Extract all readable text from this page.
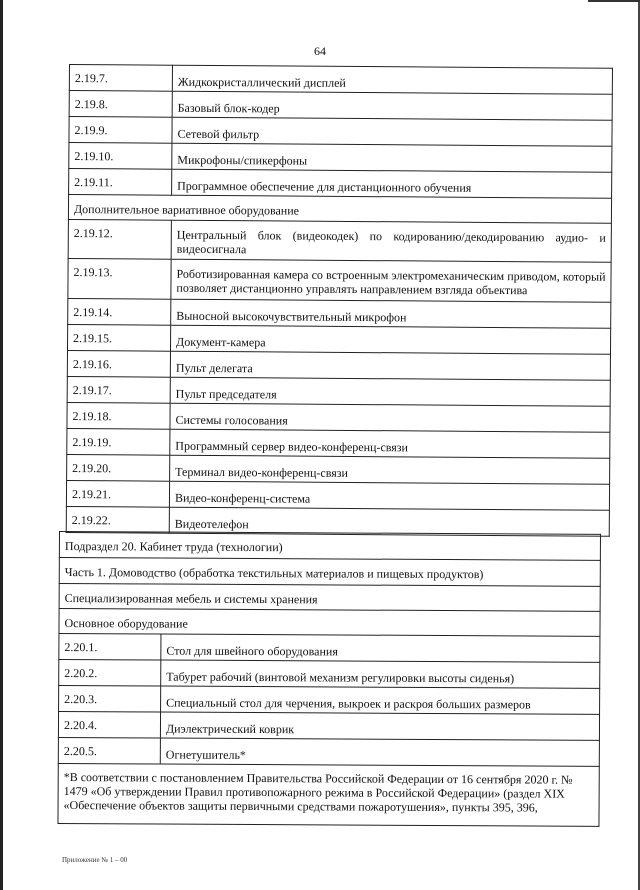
64
2.19.7.	Жидкокристаллический дисплей
2.19.8.	Базовый блок-кодер
2.19.9.	Сетевой фильтр
2.19.10.	Микрофоны/спикерфоны
2.19.11.	Программное обеспечение для дистанционного обучения
Дополнительное вариативное оборудование	
2.19.12.	Центральный блок (видеокодек) по кодированию/декодированию аудио- и видеосигнала
2.19.13.	Роботизированная камера со встроенным электромеханическим приводом, который позволяет дистанционно управлять направлением взгляда объектива
2.19.14.	Выносной высокочувствительный микрофон
2.19.15.	Документ-камера
2.19.16.	Пульт делегата
2.19.17.	Пульт председателя
2.19.18.	Системы голосования
2.19.19.	Программный сервер видео-конференц-связи
2.19.20.	Терминал видео-конференц-связи
2.19.21.	Видео-конференц-система
2.19.22.	Видеотелефон
Подраздел 20. Кабинет труда (технологии)	
Часть 1. Домоводство (обработка текстильных материалов и пищевых продуктов)	
Специализированная мебель и системы хранения	
Основное оборудование	
2.20.1.	Стол для швейного оборудования
2.20.2.	Табурет рабочий (винтовой механизм регулировки высоты сиденья)
2.20.3.	Специальный стол для черчения, выкроек и раскроя больших размеров
2.20.4.	Диэлектрический коврик
2.20.5.	Огнетушитель*
*В соответствии с постановлением Правительства Российской Федерации от 16 сентября 2020 г. № 1479 «Об утверждении Правил противопожарного режима в Российской Федерации» (раздел XIX «Обеспечение объектов защиты первичными средствами пожаротушения», пункты 395, 396,	
Приложение № 1 – 00
